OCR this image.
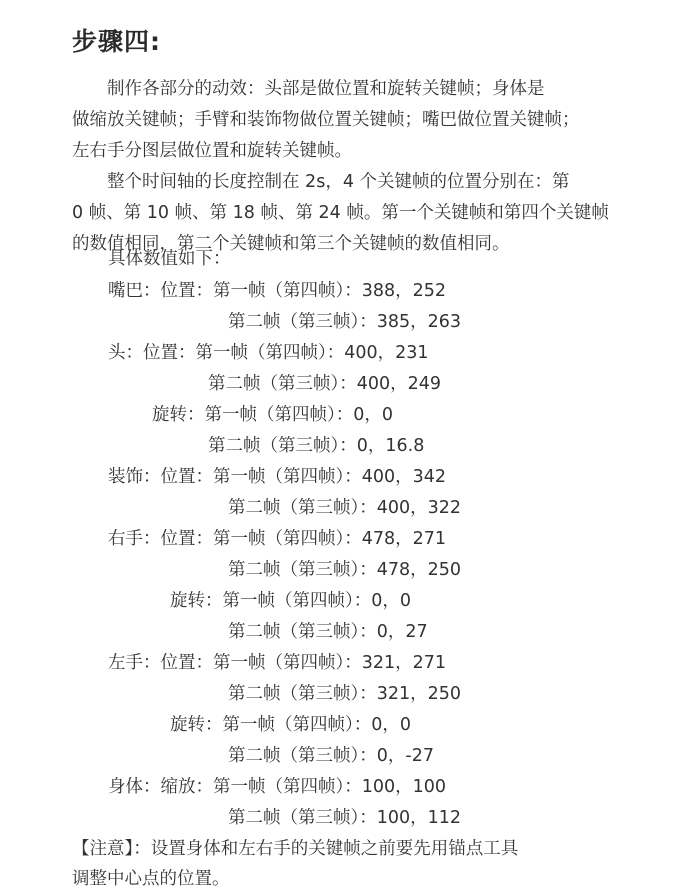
步骤四:

　　制作各部分的动效：头部是做位置和旋转关键帧；身体是
做缩放关键帧；手臂和装饰物做位置关键帧；嘴巴做位置关键帧；
左右手分图层做位置和旋转关键帧。

　　整个时间轴的长度控制在 2s，4 个关键帧的位置分别在：第
0 帧、第 10 帧、第 18 帧、第 24 帧。第一个关键帧和第四个关键帧
的数值相同，第二个关键帧和第三个关键帧的数值相同。

具体数值如下：
嘴巴：位置：第一帧（第四帧）：388，252
第二帧（第三帧）：385，263
头：位置：第一帧（第四帧）：400，231
第二帧（第三帧）：400，249
旋转：第一帧（第四帧）：0，0
第二帧（第三帧）：0，16.8
装饰：位置：第一帧（第四帧）：400，342
第二帧（第三帧）：400，322
右手：位置：第一帧（第四帧）：478，271
第二帧（第三帧）：478，250
旋转：第一帧（第四帧）：0，0
第二帧（第三帧）：0，27
左手：位置：第一帧（第四帧）：321，271
第二帧（第三帧）：321，250
旋转：第一帧（第四帧）：0，0
第二帧（第三帧）：0，-27
身体：缩放：第一帧（第四帧）：100，100
第二帧（第三帧）：100，112
【注意】：设置身体和左右手的关键帧之前要先用锚点工具
调整中心点的位置。
